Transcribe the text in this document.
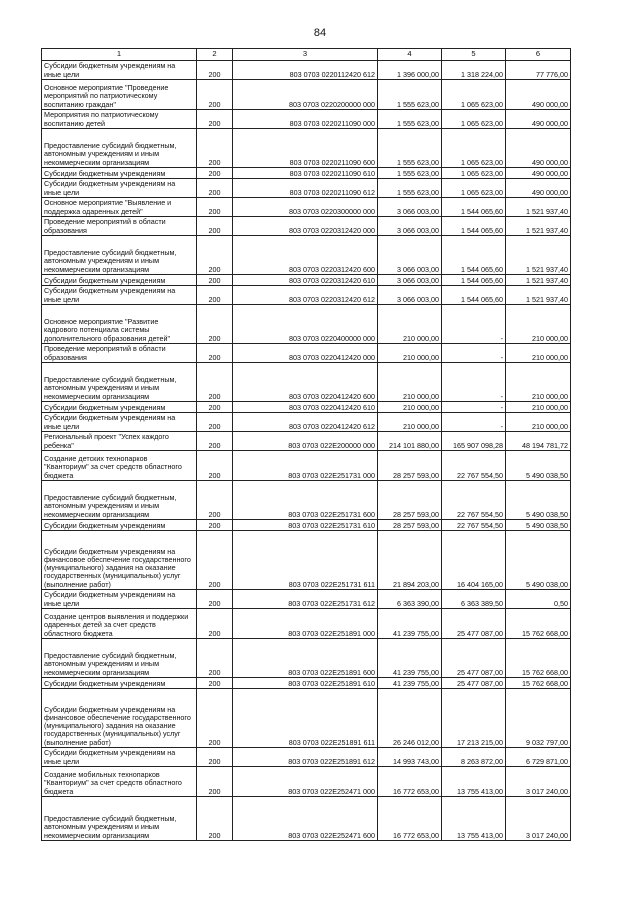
84
1	2	3	4	5	6
Субсидии бюджетным учреждениям на иные цели	200	803 0703 0220112420 612	1 396 000,00	1 318 224,00	77 776,00
Основное мероприятие "Проведение мероприятий по патриотическому воспитанию граждан"	200	803 0703 0220200000 000	1 555 623,00	1 065 623,00	490 000,00
Мероприятия по патриотическому воспитанию детей	200	803 0703 0220211090 000	1 555 623,00	1 065 623,00	490 000,00
Предоставление субсидий бюджетным, автономным учреждениям и иным некоммерческим организациям	200	803 0703 0220211090 600	1 555 623,00	1 065 623,00	490 000,00
Субсидии бюджетным учреждениям	200	803 0703 0220211090 610	1 555 623,00	1 065 623,00	490 000,00
Субсидии бюджетным учреждениям на иные цели	200	803 0703 0220211090 612	1 555 623,00	1 065 623,00	490 000,00
Основное мероприятие "Выявление и поддержка одаренных детей"	200	803 0703 0220300000 000	3 066 003,00	1 544 065,60	1 521 937,40
Проведение мероприятий в области образования	200	803 0703 0220312420 000	3 066 003,00	1 544 065,60	1 521 937,40
Предоставление субсидий бюджетным, автономным учреждениям и иным некоммерческим организациям	200	803 0703 0220312420 600	3 066 003,00	1 544 065,60	1 521 937,40
Субсидии бюджетным учреждениям	200	803 0703 0220312420 610	3 066 003,00	1 544 065,60	1 521 937,40
Субсидии бюджетным учреждениям на иные цели	200	803 0703 0220312420 612	3 066 003,00	1 544 065,60	1 521 937,40
Основное мероприятие "Развитие кадрового потенциала системы дополнительного образования детей"	200	803 0703 0220400000 000	210 000,00	-	210 000,00
Проведение мероприятий в области образования	200	803 0703 0220412420 000	210 000,00	-	210 000,00
Предоставление субсидий бюджетным, автономным учреждениям и иным некоммерческим организациям	200	803 0703 0220412420 600	210 000,00	-	210 000,00
Субсидии бюджетным учреждениям	200	803 0703 0220412420 610	210 000,00	-	210 000,00
Субсидии бюджетным учреждениям на иные цели	200	803 0703 0220412420 612	210 000,00	-	210 000,00
Региональный проект "Успех каждого ребенка"	200	803 0703 022E200000 000	214 101 880,00	165 907 098,28	48 194 781,72
Создание детских технопарков "Кванториум" за счет средств областного бюджета	200	803 0703 022E251731 000	28 257 593,00	22 767 554,50	5 490 038,50
Предоставление субсидий бюджетным, автономным учреждениям и иным некоммерческим организациям	200	803 0703 022E251731 600	28 257 593,00	22 767 554,50	5 490 038,50
Субсидии бюджетным учреждениям	200	803 0703 022E251731 610	28 257 593,00	22 767 554,50	5 490 038,50
Субсидии бюджетным учреждениям на финансовое обеспечение государственного (муниципального) задания на оказание государственных (муниципальных) услуг (выполнение работ)	200	803 0703 022E251731 611	21 894 203,00	16 404 165,00	5 490 038,00
Субсидии бюджетным учреждениям на иные цели	200	803 0703 022E251731 612	6 363 390,00	6 363 389,50	0,50
Создание центров выявления и поддержки одаренных детей за счет средств областного бюджета	200	803 0703 022E251891 000	41 239 755,00	25 477 087,00	15 762 668,00
Предоставление субсидий бюджетным, автономным учреждениям и иным некоммерческим организациям	200	803 0703 022E251891 600	41 239 755,00	25 477 087,00	15 762 668,00
Субсидии бюджетным учреждениям	200	803 0703 022E251891 610	41 239 755,00	25 477 087,00	15 762 668,00
Субсидии бюджетным учреждениям на финансовое обеспечение государственного (муниципального) задания на оказание государственных (муниципальных) услуг (выполнение работ)	200	803 0703 022E251891 611	26 246 012,00	17 213 215,00	9 032 797,00
Субсидии бюджетным учреждениям на иные цели	200	803 0703 022E251891 612	14 993 743,00	8 263 872,00	6 729 871,00
Создание мобильных технопарков "Кванториум" за счет средств областного бюджета	200	803 0703 022E252471 000	16 772 653,00	13 755 413,00	3 017 240,00
Предоставление субсидий бюджетным, автономным учреждениям и иным некоммерческим организациям	200	803 0703 022E252471 600	16 772 653,00	13 755 413,00	3 017 240,00
